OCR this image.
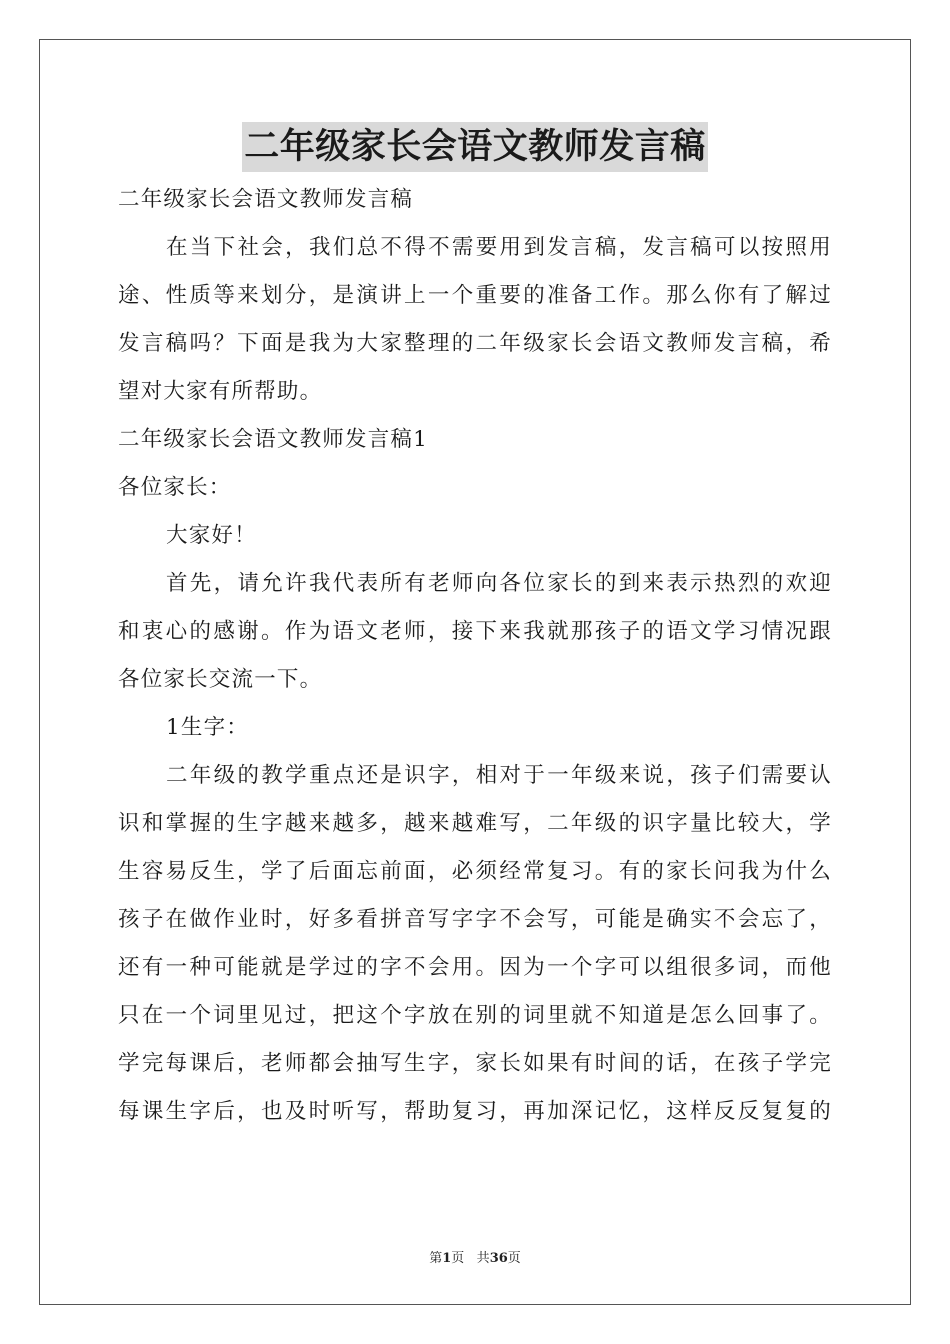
二年级家长会语文教师发言稿
二年级家长会语文教师发言稿
在当下社会，我们总不得不需要用到发言稿，发言稿可以按照用
途、性质等来划分，是演讲上一个重要的准备工作。那么你有了解过
发言稿吗？下面是我为大家整理的二年级家长会语文教师发言稿，希
望对大家有所帮助。
二年级家长会语文教师发言稿1
各位家长：
大家好！
首先，请允许我代表所有老师向各位家长的到来表示热烈的欢迎
和衷心的感谢。作为语文老师，接下来我就那孩子的语文学习情况跟
各位家长交流一下。
1生字：
二年级的教学重点还是识字，相对于一年级来说，孩子们需要认
识和掌握的生字越来越多，越来越难写，二年级的识字量比较大，学
生容易反生，学了后面忘前面，必须经常复习。有的家长问我为什么
孩子在做作业时，好多看拼音写字字不会写，可能是确实不会忘了，
还有一种可能就是学过的字不会用。因为一个字可以组很多词，而他
只在一个词里见过，把这个字放在别的词里就不知道是怎么回事了。
学完每课后，老师都会抽写生字，家长如果有时间的话，在孩子学完
每课生字后，也及时听写，帮助复习，再加深记忆，这样反反复复的
第1页 共36页
